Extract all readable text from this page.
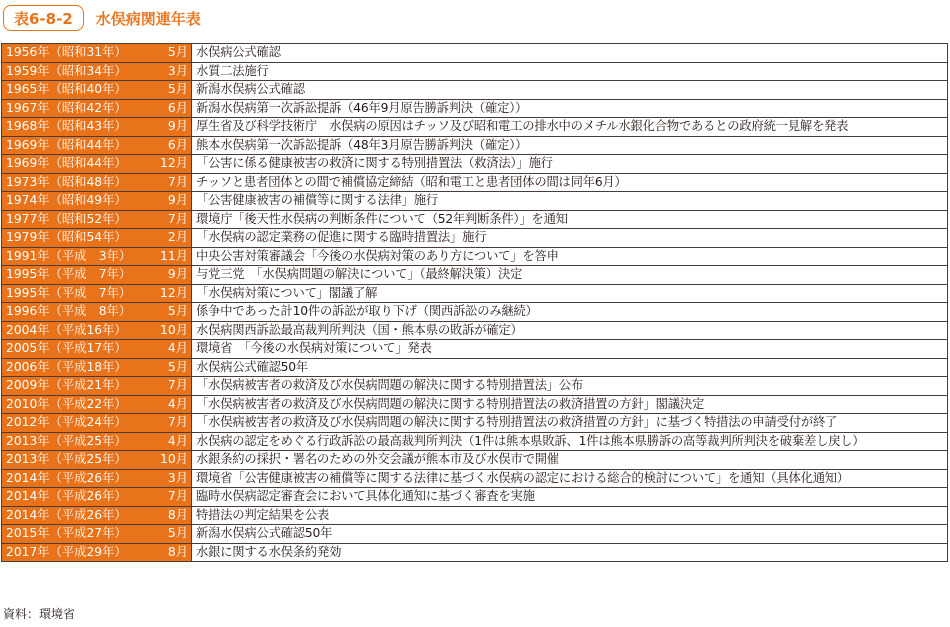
表6-8-2	水俣病関連年表
1956年（昭和31年） 5月	水俣病公式確認

1959年（昭和34年） 3月	水質二法施行

1965年（昭和40年） 5月	新潟水俣病公式確認

1967年（昭和42年） 6月	新潟水俣病第一次訴訟提訴（46年9月原告勝訴判決（確定））

1968年（昭和43年） 9月	厚生省及び科学技術庁　水俣病の原因はチッソ及び昭和電工の排水中のメチル水銀化合物であるとの政府統一見解を発表

1969年（昭和44年） 6月	熊本水俣病第一次訴訟提訴（48年3月原告勝訴判決（確定））

1969年（昭和44年） 12月	「公害に係る健康被害の救済に関する特別措置法（救済法）」施行

1973年（昭和48年） 7月	チッソと患者団体との間で補償協定締結（昭和電工と患者団体の間は同年6月）

1974年（昭和49年） 9月	「公害健康被害の補償等に関する法律」施行

1977年（昭和52年） 7月	環境庁「後天性水俣病の判断条件について（52年判断条件）」を通知

1979年（昭和54年） 2月	「水俣病の認定業務の促進に関する臨時措置法」施行

1991年（平成　3年） 11月	中央公害対策審議会「今後の水俣病対策のあり方について」を答申

1995年（平成　7年） 9月	与党三党　「水俣病問題の解決について」（最終解決策）決定

1995年（平成　7年） 12月	「水俣病対策について」閣議了解

1996年（平成　8年） 5月	係争中であった計10件の訴訟が取り下げ（関西訴訟のみ継続）

2004年（平成16年） 10月	水俣病関西訴訟最高裁判所判決（国・熊本県の敗訴が確定）

2005年（平成17年） 4月	環境省　「今後の水俣病対策について」発表

2006年（平成18年） 5月	水俣病公式確認50年

2009年（平成21年） 7月	「水俣病被害者の救済及び水俣病問題の解決に関する特別措置法」公布

2010年（平成22年） 4月	「水俣病被害者の救済及び水俣病問題の解決に関する特別措置法の救済措置の方針」閣議決定

2012年（平成24年） 7月	「水俣病被害者の救済及び水俣病問題の解決に関する特別措置法の救済措置の方針」に基づく特措法の申請受付が終了

2013年（平成25年） 4月	水俣病の認定をめぐる行政訴訟の最高裁判所判決（1件は熊本県敗訴、1件は熊本県勝訴の高等裁判所判決を破棄差し戻し）

2013年（平成25年） 10月	水銀条約の採択・署名のための外交会議が熊本市及び水俣市で開催

2014年（平成26年） 3月	環境省「公害健康被害の補償等に関する法律に基づく水俣病の認定における総合的検討について」を通知（具体化通知）

2014年（平成26年） 7月	臨時水俣病認定審査会において具体化通知に基づく審査を実施

2014年（平成26年） 8月	特措法の判定結果を公表

2015年（平成27年） 5月	新潟水俣病公式確認50年

2017年（平成29年） 8月	水銀に関する水俣条約発効
資料：環境省
